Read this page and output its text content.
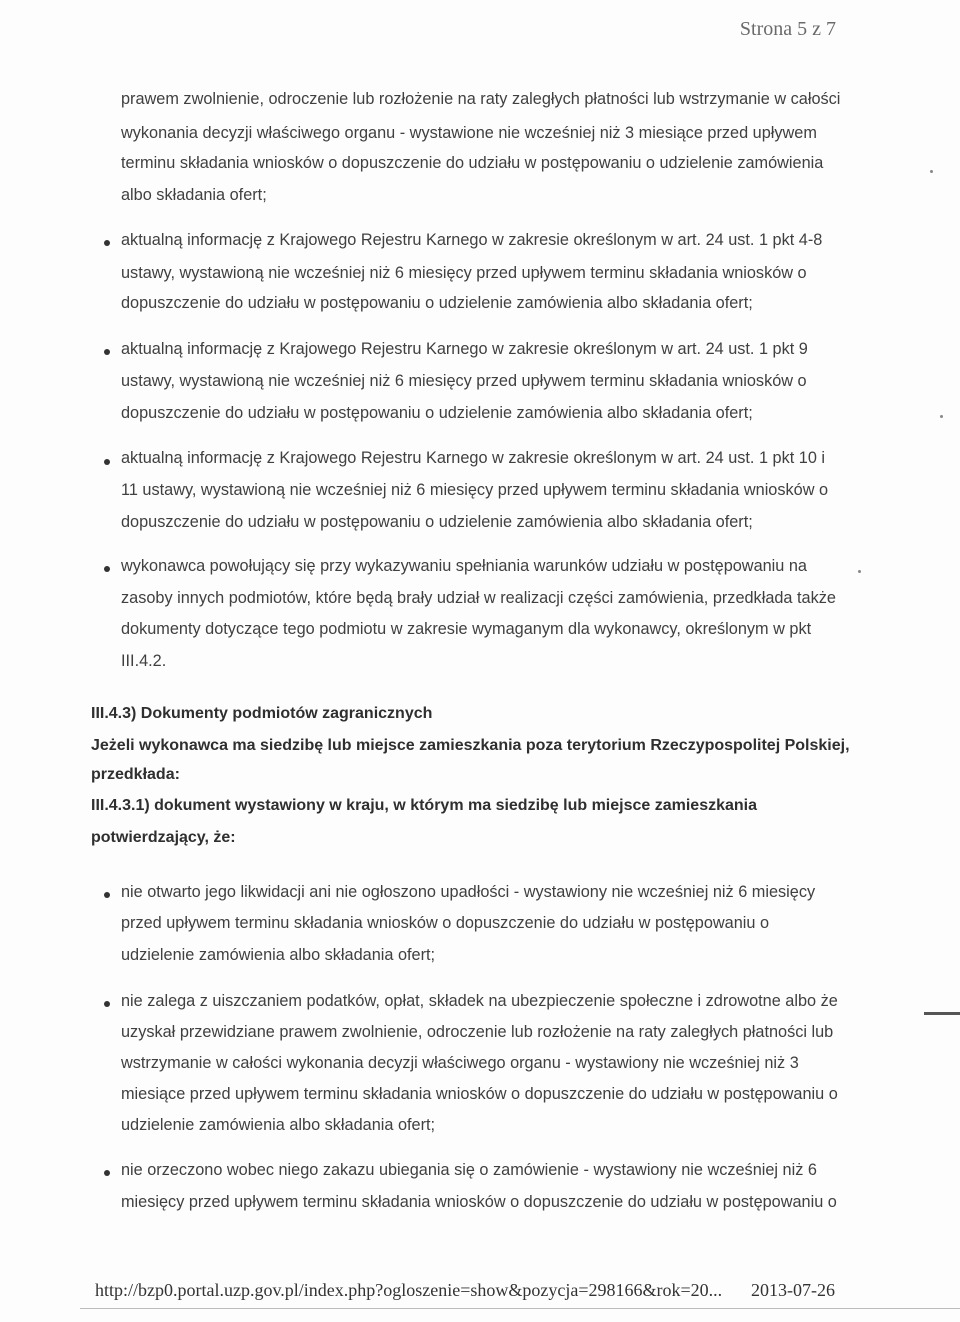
Strona 5 z 7
prawem zwolnienie, odroczenie lub rozłożenie na raty zaległych płatności lub wstrzymanie w całości
wykonania decyzji właściwego organu - wystawione nie wcześniej niż 3 miesiące przed upływem
terminu składania wniosków o dopuszczenie do udziału w postępowaniu o udzielenie zamówienia
albo składania ofert;
aktualną informację z Krajowego Rejestru Karnego w zakresie określonym w art. 24 ust. 1 pkt 4-8
ustawy, wystawioną nie wcześniej niż 6 miesięcy przed upływem terminu składania wniosków o
dopuszczenie do udziału w postępowaniu o udzielenie zamówienia albo składania ofert;
aktualną informację z Krajowego Rejestru Karnego w zakresie określonym w art. 24 ust. 1 pkt 9
ustawy, wystawioną nie wcześniej niż 6 miesięcy przed upływem terminu składania wniosków o
dopuszczenie do udziału w postępowaniu o udzielenie zamówienia albo składania ofert;
aktualną informację z Krajowego Rejestru Karnego w zakresie określonym w art. 24 ust. 1 pkt 10 i
11 ustawy, wystawioną nie wcześniej niż 6 miesięcy przed upływem terminu składania wniosków o
dopuszczenie do udziału w postępowaniu o udzielenie zamówienia albo składania ofert;
wykonawca powołujący się przy wykazywaniu spełniania warunków udziału w postępowaniu na
zasoby innych podmiotów, które będą brały udział w realizacji części zamówienia, przedkłada także
dokumenty dotyczące tego podmiotu w zakresie wymaganym dla wykonawcy, określonym w pkt
III.4.2.
III.4.3) Dokumenty podmiotów zagranicznych
Jeżeli wykonawca ma siedzibę lub miejsce zamieszkania poza terytorium Rzeczypospolitej Polskiej,
przedkłada:
III.4.3.1) dokument wystawiony w kraju, w którym ma siedzibę lub miejsce zamieszkania
potwierdzający, że:
nie otwarto jego likwidacji ani nie ogłoszono upadłości - wystawiony nie wcześniej niż 6 miesięcy
przed upływem terminu składania wniosków o dopuszczenie do udziału w postępowaniu o
udzielenie zamówienia albo składania ofert;
nie zalega z uiszczaniem podatków, opłat, składek na ubezpieczenie społeczne i zdrowotne albo że
uzyskał przewidziane prawem zwolnienie, odroczenie lub rozłożenie na raty zaległych płatności lub
wstrzymanie w całości wykonania decyzji właściwego organu - wystawiony nie wcześniej niż 3
miesiące przed upływem terminu składania wniosków o dopuszczenie do udziału w postępowaniu o
udzielenie zamówienia albo składania ofert;
nie orzeczono wobec niego zakazu ubiegania się o zamówienie - wystawiony nie wcześniej niż 6
miesięcy przed upływem terminu składania wniosków o dopuszczenie do udziału w postępowaniu o
http://bzp0.portal.uzp.gov.pl/index.php?ogloszenie=show&pozycja=298166&rok=20... 2013-07-26
